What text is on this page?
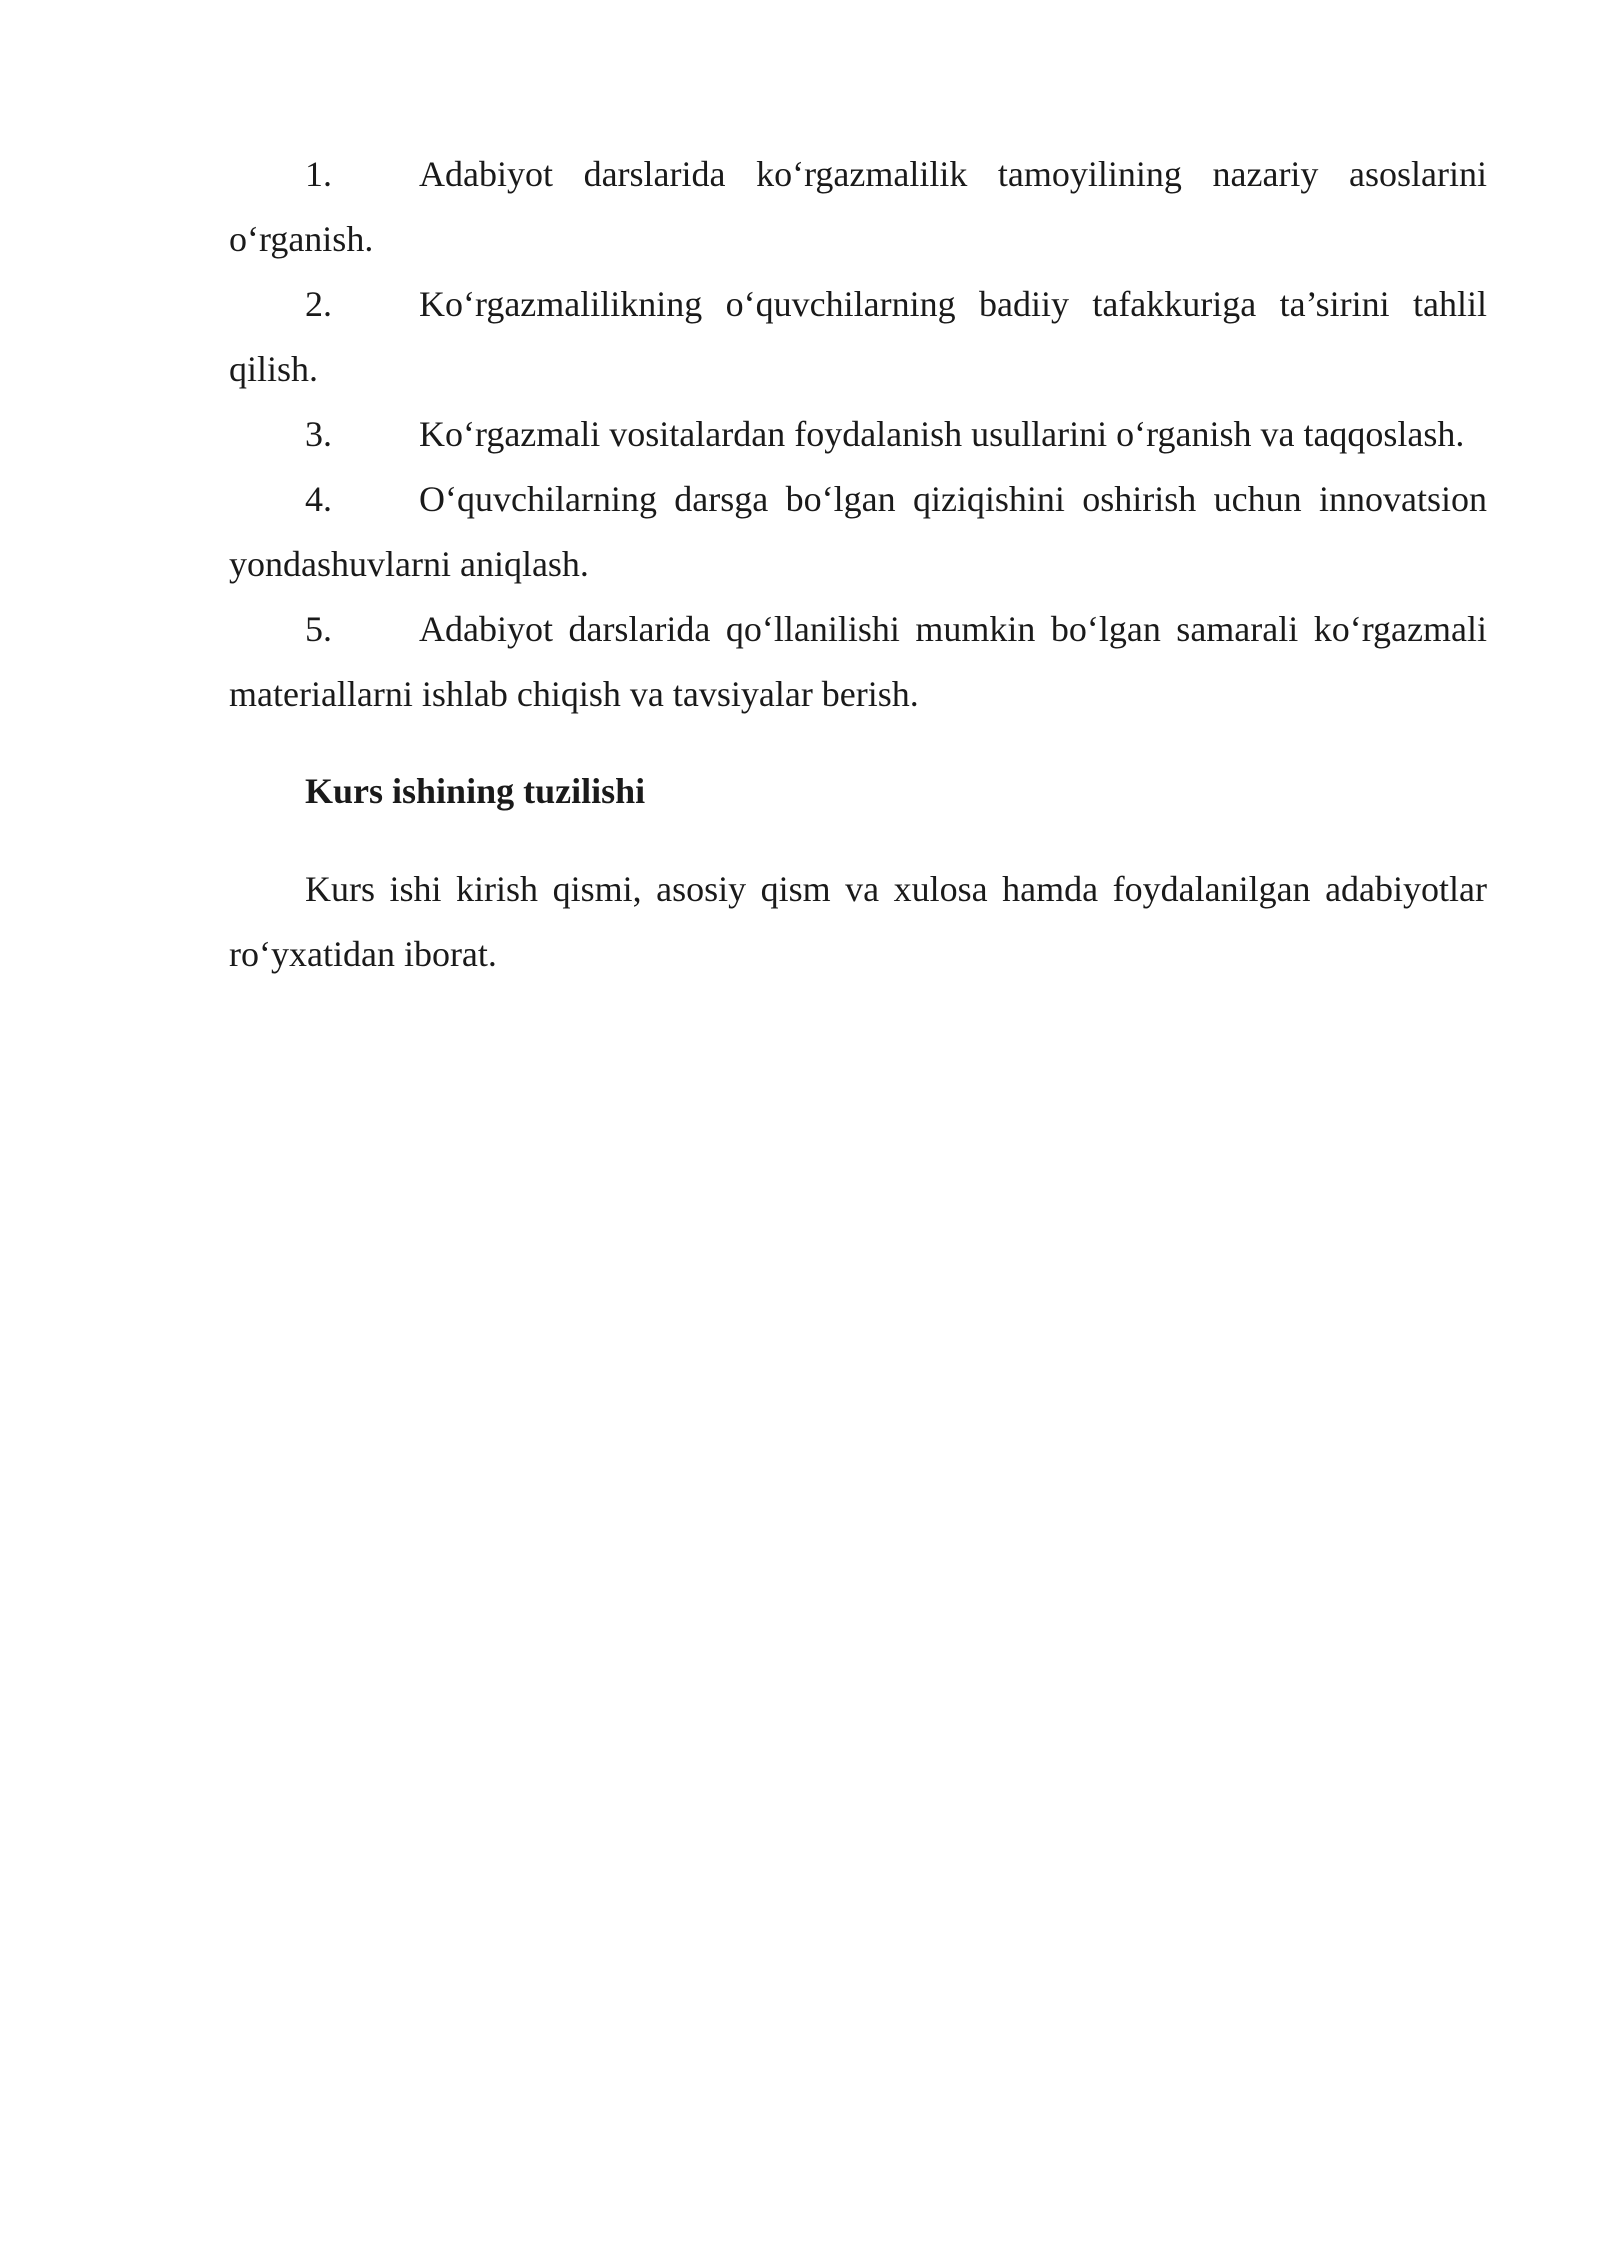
1. Adabiyot darslarida ko‘rgazmalilik tamoyilining nazariy asoslarini o‘rganish.

2. Ko‘rgazmalilikning o‘quvchilarning badiiy tafakkuriga ta’sirini tahlil qilish.

3. Ko‘rgazmali vositalardan foydalanish usullarini o‘rganish va taqqoslash.

4. O‘quvchilarning darsga bo‘lgan qiziqishini oshirish uchun innovatsion yondashuvlarni aniqlash.

5. Adabiyot darslarida qo‘llanilishi mumkin bo‘lgan samarali ko‘rgazmali materiallarni ishlab chiqish va tavsiyalar berish.

Kurs ishining tuzilishi

Kurs ishi kirish qismi, asosiy qism va xulosa hamda foydalanilgan adabiyotlar ro‘yxatidan iborat.
